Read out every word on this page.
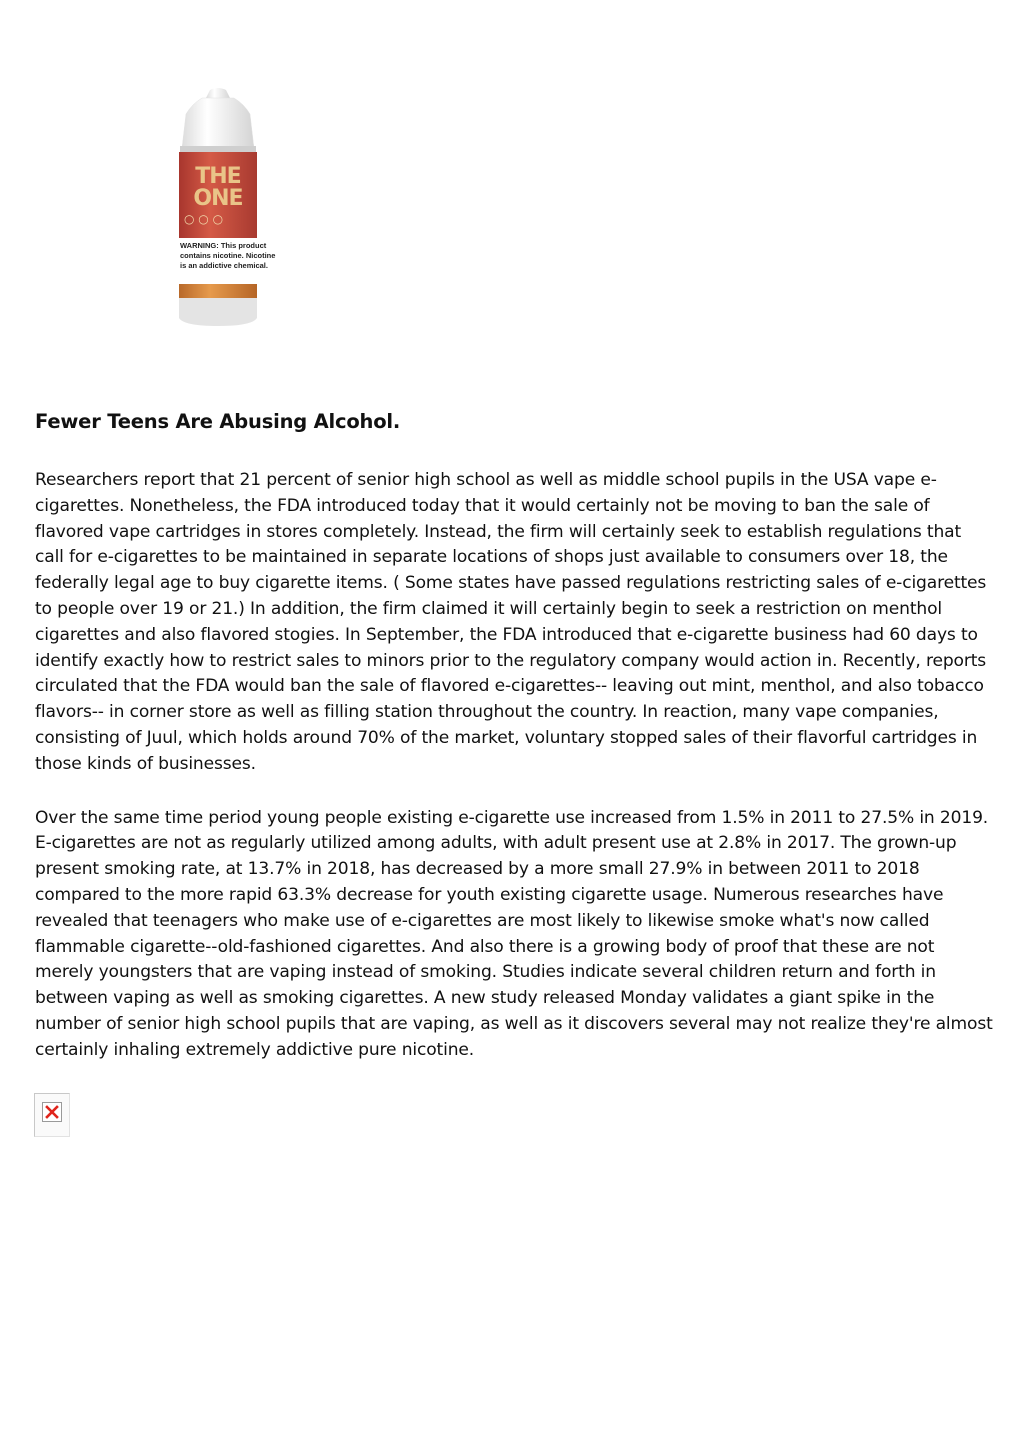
THE
ONE
○ ○ ○
WARNING: This product
contains nicotine. Nicotine
is an addictive chemical.
Fewer Teens Are Abusing Alcohol.

Researchers report that 21 percent of senior high school as well as middle school pupils in the USA vape e-cigarettes. Nonetheless, the FDA introduced today that it would certainly not be moving to ban the sale of flavored vape cartridges in stores completely. Instead, the firm will certainly seek to establish regulations that call for e-cigarettes to be maintained in separate locations of shops just available to consumers over 18, the federally legal age to buy cigarette items. ( Some states have passed regulations restricting sales of e-cigarettes to people over 19 or 21.) In addition, the firm claimed it will certainly begin to seek a restriction on menthol cigarettes and also flavored stogies. In September, the FDA introduced that e-cigarette business had 60 days to identify exactly how to restrict sales to minors prior to the regulatory company would action in. Recently, reports circulated that the FDA would ban the sale of flavored e-cigarettes-- leaving out mint, menthol, and also tobacco flavors-- in corner store as well as filling station throughout the country. In reaction, many vape companies, consisting of Juul, which holds around 70% of the market, voluntary stopped sales of their flavorful cartridges in those kinds of businesses.

Over the same time period young people existing e-cigarette use increased from 1.5% in 2011 to 27.5% in 2019. E-cigarettes are not as regularly utilized among adults, with adult present use at 2.8% in 2017. The grown-up present smoking rate, at 13.7% in 2018, has decreased by a more small 27.9% in between 2011 to 2018 compared to the more rapid 63.3% decrease for youth existing cigarette usage. Numerous researches have revealed that teenagers who make use of e-cigarettes are most likely to likewise smoke what's now called flammable cigarette--old-fashioned cigarettes. And also there is a growing body of proof that these are not merely youngsters that are vaping instead of smoking. Studies indicate several children return and forth in between vaping as well as smoking cigarettes. A new study released Monday validates a giant spike in the number of senior high school pupils that are vaping, as well as it discovers several may not realize they're almost certainly inhaling extremely addictive pure nicotine.
